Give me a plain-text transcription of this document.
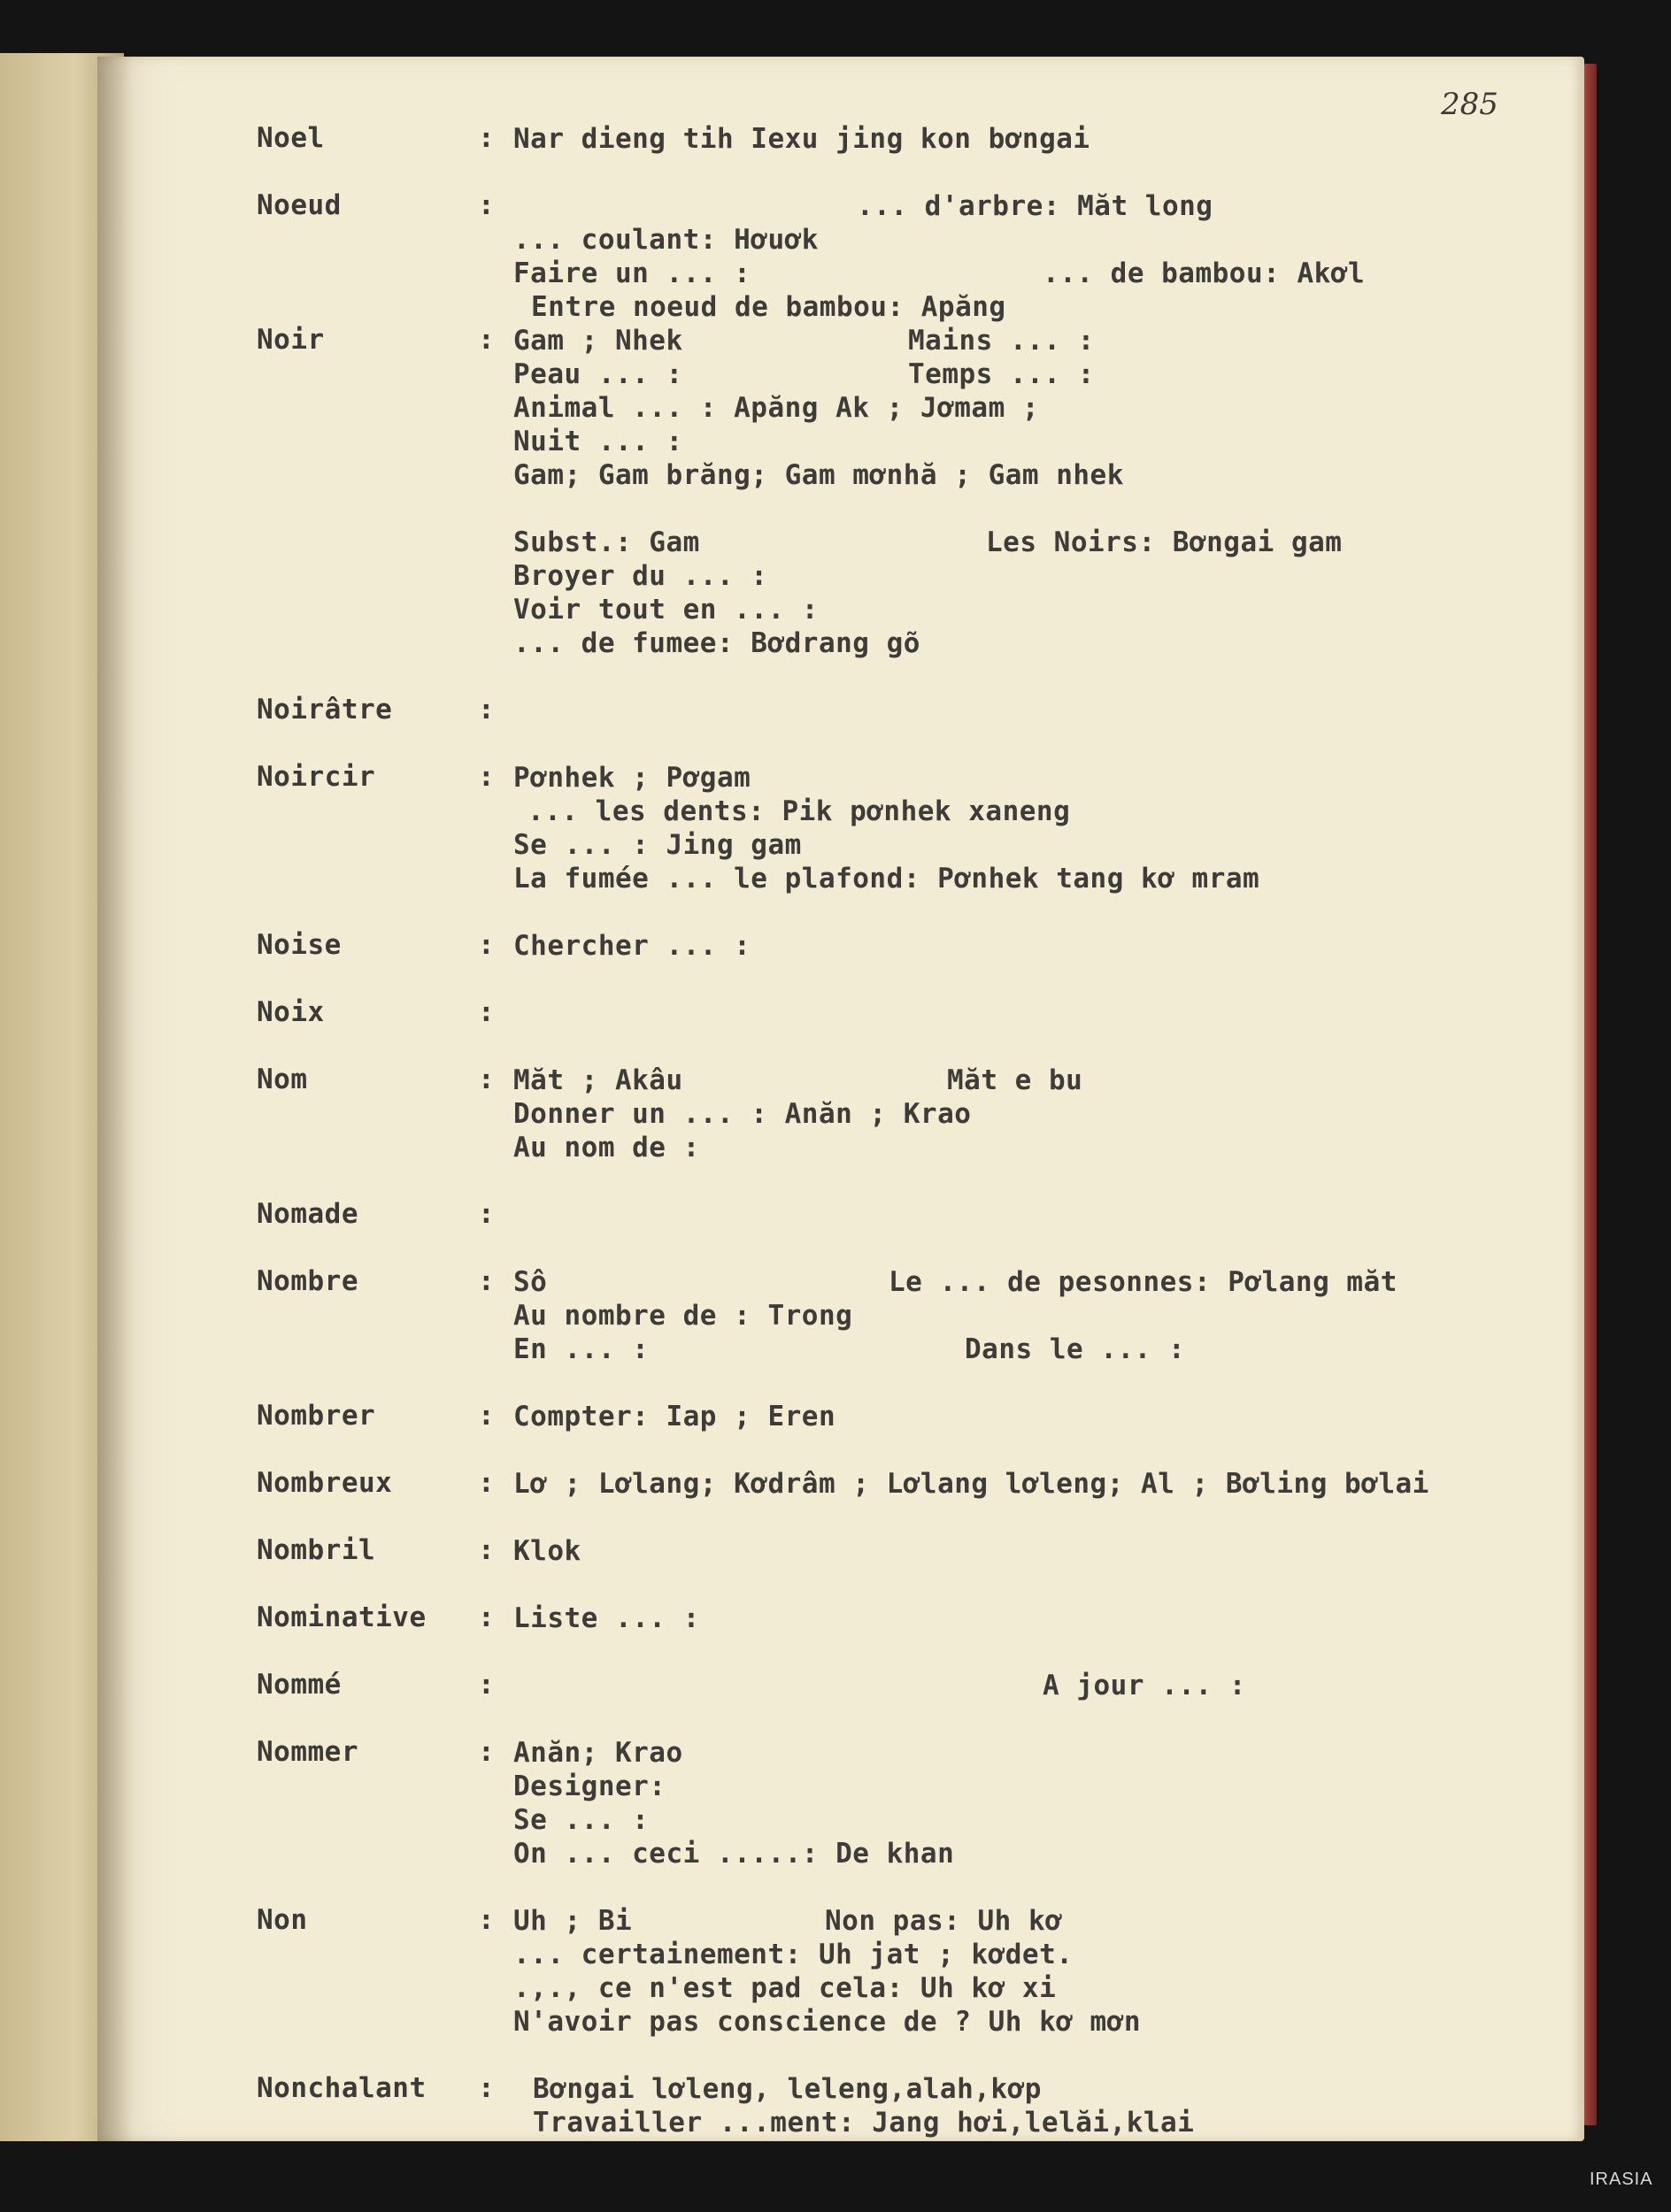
285
Noel	: Nar dieng tih Iexu jing kon bơngai
Noeud	:	... d'arbre: Măt long
... coulant: Hơuơk
Faire un ... :	... de bambou: Akơl
Entre noeud de bambou: Apăng
Noir	: Gam ; Nhek	Mains ... :
Peau ... :	Temps ... :
Animal ... : Apăng Ak ; Jơmam ;
Nuit ... :
Gam; Gam brăng; Gam mơnhă ; Gam nhek
Subst.: Gam	Les Noirs: Bơngai gam
Broyer du ... :
Voir tout en ... :
... de fumee: Bơdrang gõ
Noirâtre	:
Noircir	: Pơnhek ; Pơgam
... les dents: Pik pơnhek xaneng
Se ... : Jing gam
La fumée ... le plafond: Pơnhek tang kơ mram
Noise	: Chercher ... :
Noix	:
Nom	: Măt ; Akâu	Măt e bu
Donner un ... : Anăn ; Krao
Au nom de :
Nomade	:
Nombre	: Sô	Le ... de pesonnes: Pơlang măt
Au nombre de : Trong
En ... :	Dans le ... :
Nombrer	: Compter: Iap ; Eren
Nombreux	: Lơ ; Lơlang; Kơdrâm ; Lơlang lơleng; Al ; Bơling bơlai
Nombril	: Klok
Nominative : Liste ... :
Nommé	:	A jour ... :
Nommer	: Anăn; Krao
Designer:
Se ... :
On ... ceci .....: De khan
Non	: Uh ; Bi	Non pas: Uh kơ
... certainement: Uh jat ; kơdet.
.,., ce n'est pad cela: Uh kơ xi
N'avoir pas conscience de ? Uh kơ mơn
Nonchalant : Bơngai lơleng, leleng,alah,kơp
Travailler ...ment: Jang hơi,lelăi,klai
IRASIA
